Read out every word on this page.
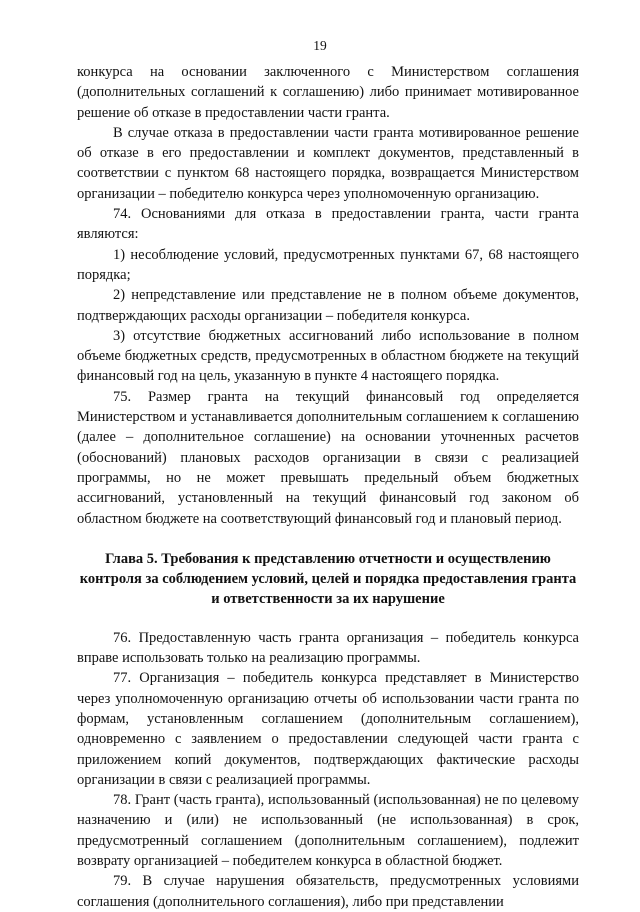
19

конкурса на основании заключенного с Министерством соглашения (дополнительных соглашений к соглашению) либо принимает мотивированное решение об отказе в предоставлении части гранта.

В случае отказа в предоставлении части гранта мотивированное решение об отказе в его предоставлении и комплект документов, представленный в соответствии с пунктом 68 настоящего порядка, возвращается Министерством организации – победителю конкурса через уполномоченную организацию.

74. Основаниями для отказа в предоставлении гранта, части гранта являются:

1) несоблюдение условий, предусмотренных пунктами 67, 68 настоящего порядка;

2) непредставление или представление не в полном объеме документов, подтверждающих расходы организации – победителя конкурса.

3) отсутствие бюджетных ассигнований либо использование в полном объеме бюджетных средств, предусмотренных в областном бюджете на текущий финансовый год на цель, указанную в пункте 4 настоящего порядка.

75. Размер гранта на текущий финансовый год определяется Министерством и устанавливается дополнительным соглашением к соглашению (далее – дополнительное соглашение) на основании уточненных расчетов (обоснований) плановых расходов организации в связи с реализацией программы, но не может превышать предельный объем бюджетных ассигнований, установленный на текущий финансовый год законом об областном бюджете на соответствующий финансовый год и плановый период.

Глава 5. Требования к представлению отчетности и осуществлению контроля за соблюдением условий, целей и порядка предоставления гранта и ответственности за их нарушение

76. Предоставленную часть гранта организация – победитель конкурса вправе использовать только на реализацию программы.

77. Организация – победитель конкурса представляет в Министерство через уполномоченную организацию отчеты об использовании части гранта по формам, установленным соглашением (дополнительным соглашением), одновременно с заявлением о предоставлении следующей части гранта с приложением копий документов, подтверждающих фактические расходы организации в связи с реализацией программы.

78. Грант (часть гранта), использованный (использованная) не по целевому назначению и (или) не использованный (не использованная) в срок, предусмотренный соглашением (дополнительным соглашением), подлежит возврату организацией – победителем конкурса в областной бюджет.

79. В случае нарушения обязательств, предусмотренных условиями соглашения (дополнительного соглашения), либо при представлении
